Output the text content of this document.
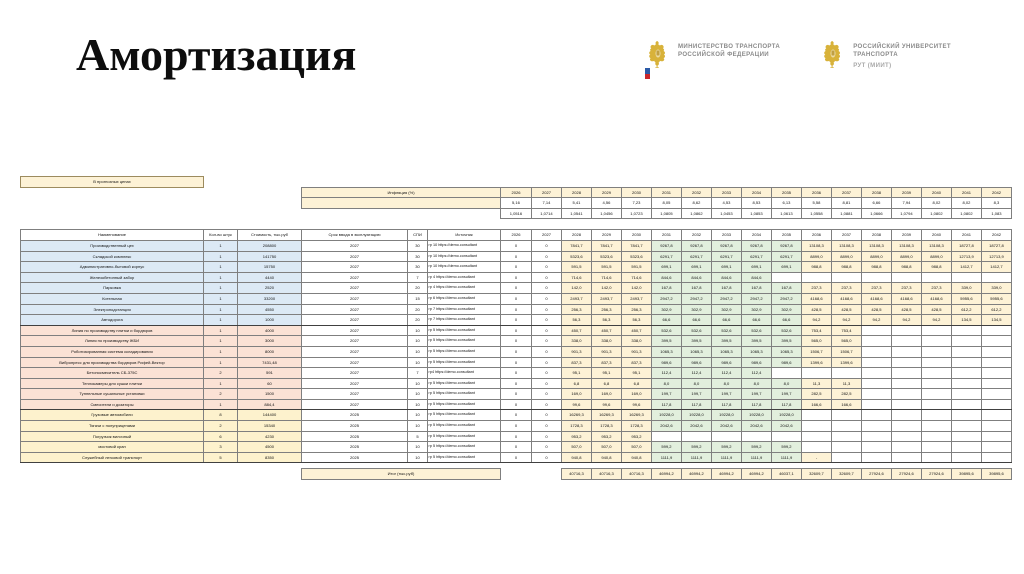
Амортизация	МИНИСТЕРСТВО ТРАНСПОРТА
РОССИЙСКОЙ ФЕДЕРАЦИИ
РОССИЙСКИЙ УНИВЕРСИТЕТ
ТРАНСПОРТА
РУТ (МИИТ)
В прогнозных ценах																						
			Инфляция (%)			2026	2027	2028	2029	2030	2031	2032	2033	2034	2035	2036	2037	2038	2039	2040	2041	2042
						5,16	7,14	5,41	4,56	7,23	8,05	8,62	4,53	8,53	6,13	5,58	8,81	6,66	7,94	8,02	8,02	8,3
						1,0516	1,0714	1,0541	1,0456	1,0723	1,0805	1,0862	1,0453	1,0853	1,0613	1,0558	1,0881	1,0666	1,0794	1,0802	1,0802	1,083

Наименование	Кол-во штук	Стоимость, тыс.руб	Срок ввода в эксплуатацию	СПИ	Источник	2026	2027	2028	2029	2030	2031	2032	2033	2034	2035	2036	2037	2038	2039	2040	2041	2042
Производственный цех	1	208800	2027	30	гр 10 https://demo.consultant	0	0	7841,7	7841,7	7841,7	9267,8	9267,8	9267,8	9267,8	9267,8	13108,3	13108,3	13108,3	13108,3	13108,3	18727,8	18727,8
Складской комплекс	1	141750	2027	30	гр 10 https://demo.consultant	0	0	5323,6	5323,6	5323,6	6291,7	6291,7	6291,7	6291,7	6291,7	8899,0	8899,0	8899,0	8899,0	8899,0	12713,9	12713,9
Административно-бытовой корпус	1	15750	2027	30	гр 10 https://demo.consultant	0	0	591,5	591,5	591,5	699,1	699,1	699,1	699,1	699,1	988,8	988,8	988,8	988,8	988,8	1412,7	1412,7
Железобетонный забор	1	4440	2027	7	гр 4 https://demo.consultant	0	0	714,6	714,6	714,6	844,6	844,6	844,6	844,6								
Парковка	1	2520	2027	20	гр 4 https://demo.consultant	0	0	142,0	142,0	142,0	167,8	167,8	167,8	167,8	167,8	237,3	237,3	237,3	237,3	237,3	339,0	339,0
Котельная	1	33200	2027	15	гр 6 https://demo.consultant	0	0	2493,7	2493,7	2493,7	2947,2	2947,2	2947,2	2947,2	2947,2	4168,6	4168,6	4168,6	4168,6	4168,6	5955,6	5955,6
Электроподстанция	1	4550	2027	20	гр 7 https://demo.consultant	0	0	256,3	256,3	256,3	302,9	302,9	302,9	302,9	302,9	428,5	428,5	428,5	428,5	428,5	612,2	612,2
Автодорога	1	1000	2027	20	гр 7 https://demo.consultant	0	0	56,3	56,3	56,3	66,6	66,6	66,6	66,6	66,6	94,2	94,2	94,2	94,2	94,2	134,5	134,5
Линия по производству плитки и бордюров	1	4000	2027	10	гр 5 https://demo.consultant	0	0	450,7	450,7	450,7	532,6	532,6	532,6	532,6	532,6	753,4	753,4					
Линия по производству ЖБИ	1	3000	2027	10	гр 5 https://demo.consultant	0	0	338,0	338,0	338,0	399,5	399,5	399,5	399,5	399,5	565,0	565,0					
Роботизированная система складирования	1	8000	2027	10	гр 5 https://demo.consultant	0	0	901,3	901,3	901,3	1065,3	1065,3	1065,3	1065,3	1065,3	1506,7	1506,7					
Вибропресс для производства бордюров Рифей-Вектор	1	7431,48	2027	10	гр 5 https://demo.consultant	0	0	837,3	837,3	837,3	989,6	989,6	989,6	989,6	989,6	1399,6	1399,6					
Бетоносмеситель СБ-375С	2	591	2027	7	гр4 https://demo.consultant	0	0	95,1	95,1	95,1	112,4	112,4	112,4	112,4								
Теплокамеры для сушки плитки	1	60	2027	10	гр 5 https://demo.consultant	0	0	6,8	6,8	6,8	8,0	8,0	8,0	8,0	8,0	11,3	11,3					
Туннельные сушильные установки	2	1500	2027	10	гр 5 https://demo.consultant	0	0	169,0	169,0	169,0	199,7	199,7	199,7	199,7	199,7	282,5	282,5					
Смесители и дозаторы	1	884,4	2027	10	гр 5 https://demo.consultant	0	0	99,6	99,6	99,6	117,8	117,8	117,8	117,8	117,8	166,6	166,6					
Грузовые автомобили	8	144400	2025	10	гр 5 https://demo.consultant	0	0	16269,3	16269,3	16269,3	19228,0	19228,0	19228,0	19228,0	19228,0							
Тягачи с полуприцепами	2	15340	2025	10	гр 5 https://demo.consultant	0	0	1728,3	1728,3	1728,3	2042,6	2042,6	2042,6	2042,6	2042,6							
Погрузчик вилочный	6	4230	2025	5	гр 5 https://demo.consultant	0	0	953,2	953,2	953,2												
мостовой кран	3	4500	2025	10	гр 5 https://demo.consultant	0	0	507,0	507,0	507,0	599,2	599,2	599,2	599,2	599,2							
Служебный легковой транспорт	5	8350	2025	10	гр 5 https://demo.consultant	0	0	940,8	940,8	940,8	1111,9	1111,9	1111,9	1111,9	1111,9	-						

			Итог (тыс.руб)					40716,3	40716,3	40716,3	46994,2	46994,2	46994,2	46994,2	46037,1	32609,7	32609,7	27924,6	27924,6	27924,6	39895,6	39895,6
